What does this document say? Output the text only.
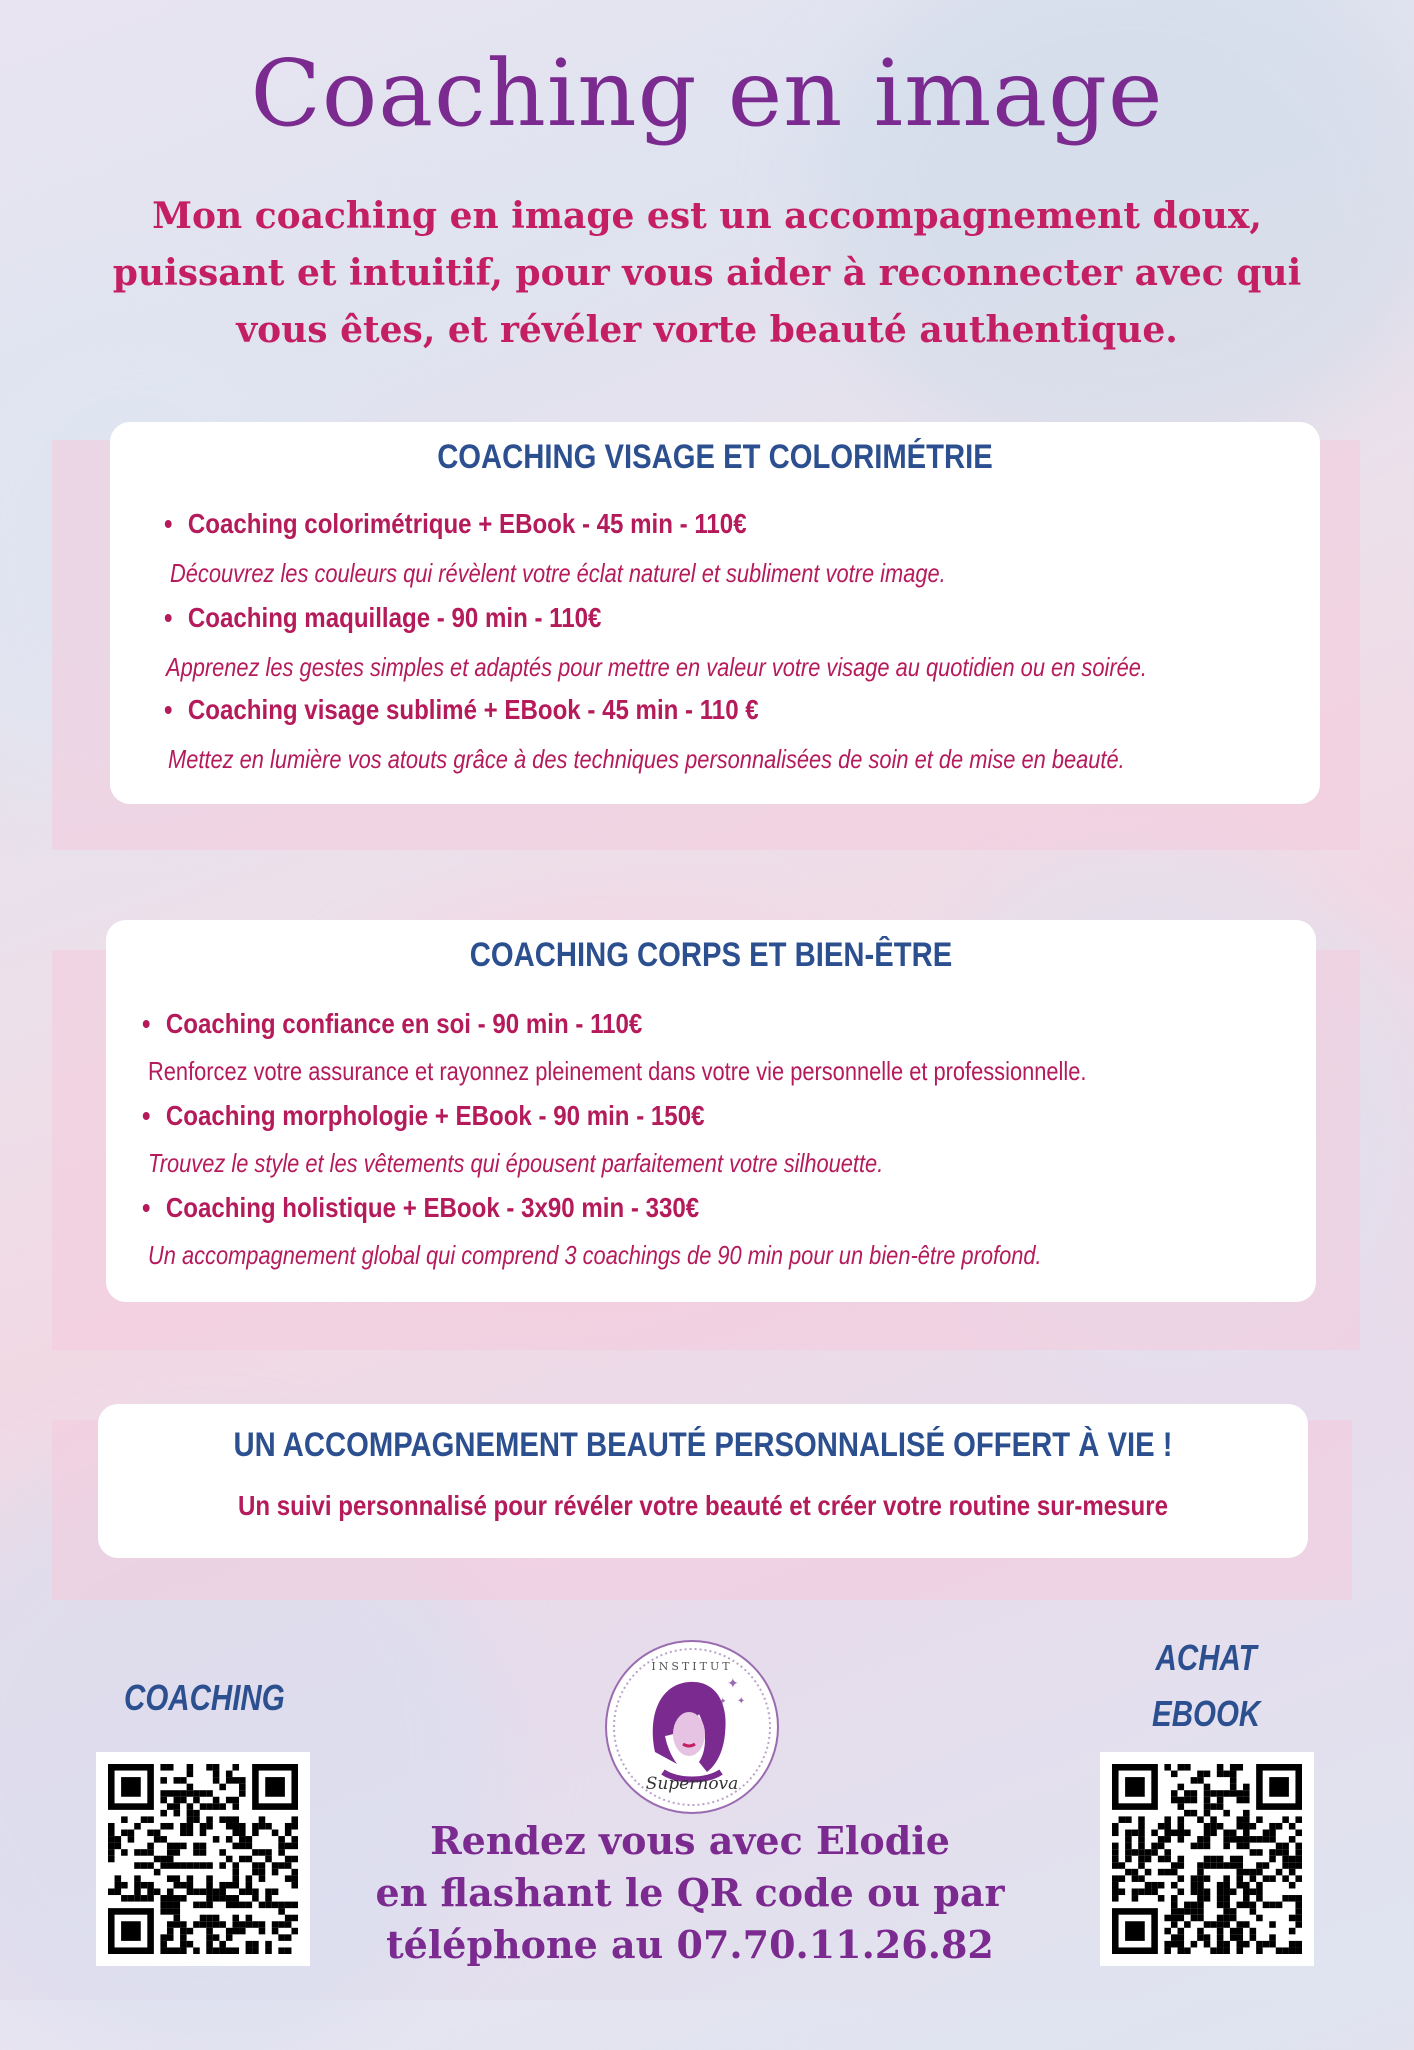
Coaching en image
Mon coaching en image est un accompagnement doux, puissant et intuitif, pour vous aider à reconnecter avec qui vous êtes, et révéler vorte beauté authentique.
COACHING VISAGE ET COLORIMÉTRIE
• Coaching colorimétrique + EBook - 45 min - 110€
Découvrez les couleurs qui révèlent votre éclat naturel et subliment votre image.
• Coaching maquillage - 90 min - 110€
Apprenez les gestes simples et adaptés pour mettre en valeur votre visage au quotidien ou en soirée.
• Coaching visage sublimé + EBook - 45 min - 110 €
Mettez en lumière vos atouts grâce à des techniques personnalisées de soin et de mise en beauté.
COACHING CORPS ET BIEN-ÊTRE
• Coaching confiance en soi - 90 min - 110€
Renforcez votre assurance et rayonnez pleinement dans votre vie personnelle et professionnelle.
• Coaching morphologie + EBook - 90 min - 150€
Trouvez le style et les vêtements qui épousent parfaitement votre silhouette.
• Coaching holistique + EBook - 3x90 min - 330€
Un accompagnement global qui comprend 3 coachings de 90 min pour un bien-être profond.
UN ACCOMPAGNEMENT BEAUTÉ PERSONNALISÉ OFFERT À VIE !
Un suivi personnalisé pour révéler votre beauté et créer votre routine sur-mesure
COACHING
ACHAT
EBOOK
✦
✦
✦
INSTITUT
Supernova
Rendez vous avec Elodie
en flashant le QR code ou par
téléphone au 07.70.11.26.82
